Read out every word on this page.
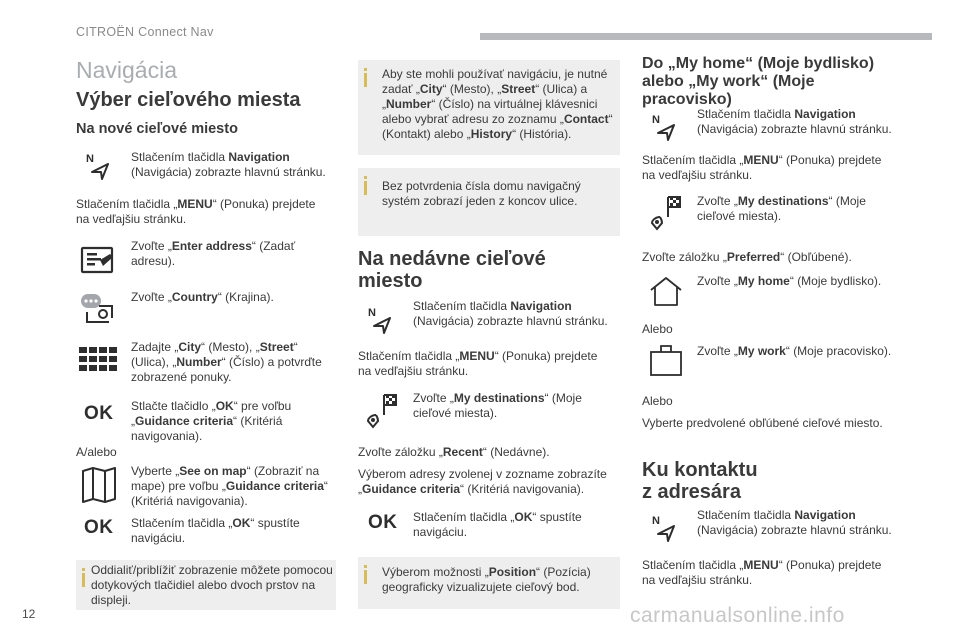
CITROËN Connect Nav
Navigácia
Výber cieľového miesta
Na nové cieľové miesto
N	Stlačením tlačidla Navigation (Navigácia) zobrazte hlavnú stránku.
Stlačením tlačidla „MENU“ (Ponuka) prejdete na vedľajšiu stránku.
Zvoľte „Enter address“ (Zadať adresu).
Zvoľte „Country“ (Krajina).
Zadajte „City“ (Mesto), „Street“ (Ulica), „Number“ (Číslo) a potvrďte zobrazené ponuky.
OK Stlačte tlačidlo „OK“ pre voľbu „Guidance criteria“ (Kritériá navigovania).
A/alebo
Vyberte „See on map“ (Zobraziť na mape) pre voľbu „Guidance criteria“ (Kritériá navigovania).
OK Stlačením tlačidla „OK“ spustíte navigáciu.
Oddialiť/priblížiť zobrazenie môžete pomocou dotykových tlačidiel alebo dvoch prstov na displeji.
Aby ste mohli používať navigáciu, je nutné zadať „City“ (Mesto), „Street“ (Ulica) a „Number“ (Číslo) na virtuálnej klávesnici alebo vybrať adresu zo zoznamu „Contact“ (Kontakt) alebo „History“ (História).
Bez potvrdenia čísla domu navigačný systém zobrazí jeden z koncov ulice.
Na nedávne cieľové
miesto
N	Stlačením tlačidla Navigation (Navigácia) zobrazte hlavnú stránku.
Stlačením tlačidla „MENU“ (Ponuka) prejdete na vedľajšiu stránku.
Zvoľte „My destinations“ (Moje cieľové miesta).
Zvoľte záložku „Recent“ (Nedávne).
Výberom adresy zvolenej v zozname zobrazíte „Guidance criteria“ (Kritériá navigovania).
OK Stlačením tlačidla „OK“ spustíte navigáciu.
Výberom možnosti „Position“ (Pozícia) geograficky vizualizujete cieľový bod.
Do „My home“ (Moje bydlisko)
alebo „My work“ (Moje
pracovisko)
N	Stlačením tlačidla Navigation (Navigácia) zobrazte hlavnú stránku.
Stlačením tlačidla „MENU“ (Ponuka) prejdete na vedľajšiu stránku.
Zvoľte „My destinations“ (Moje cieľové miesta).
Zvoľte záložku „Preferred“ (Obľúbené).
Zvoľte „My home“ (Moje bydlisko).
Alebo
Zvoľte „My work“ (Moje pracovisko).
Alebo
Vyberte predvolené obľúbené cieľové miesto.
Ku kontaktu
z adresára
N	Stlačením tlačidla Navigation (Navigácia) zobrazte hlavnú stránku.
Stlačením tlačidla „MENU“ (Ponuka) prejdete na vedľajšiu stránku.
12	carmanualsonline.info
